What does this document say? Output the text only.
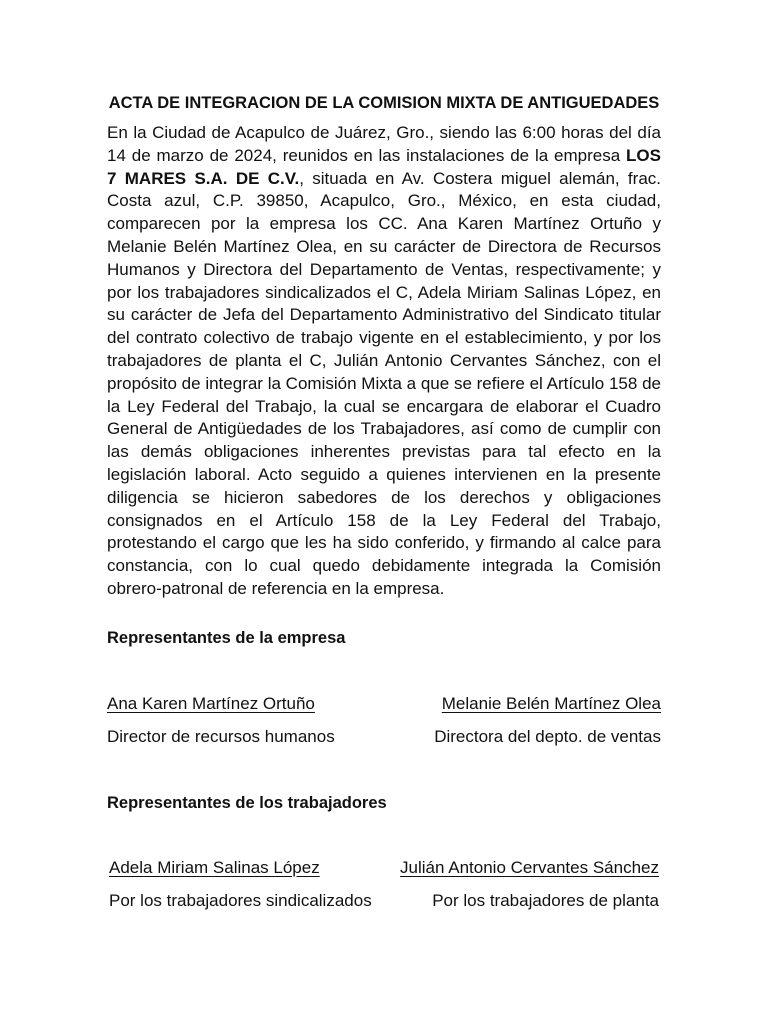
ACTA DE INTEGRACION DE LA COMISION MIXTA DE ANTIGUEDADES

En la Ciudad de Acapulco de Juárez, Gro., siendo las 6:00 horas del día 14 de marzo de 2024, reunidos en las instalaciones de la empresa LOS 7 MARES S.A. DE C.V., situada en Av. Costera miguel alemán, frac. Costa azul, C.P. 39850, Acapulco, Gro., México, en esta ciudad, comparecen por la empresa los CC. Ana Karen Martínez Ortuño y Melanie Belén Martínez Olea, en su carácter de Directora de Recursos Humanos y Directora del Departamento de Ventas, respectivamente; y por los trabajadores sindicalizados el C, Adela Miriam Salinas López, en su carácter de Jefa del Departamento Administrativo del Sindicato titular del contrato colectivo de trabajo vigente en el establecimiento, y por los trabajadores de planta el C, Julián Antonio Cervantes Sánchez, con el propósito de integrar la Comisión Mixta a que se refiere el Artículo 158 de la Ley Federal del Trabajo, la cual se encargara de elaborar el Cuadro General de Antigüedades de los Trabajadores, así como de cumplir con las demás obligaciones inherentes previstas para tal efecto en la legislación laboral. Acto seguido a quienes intervienen en la presente diligencia se hicieron sabedores de los derechos y obligaciones consignados en el Artículo 158 de la Ley Federal del Trabajo, protestando el cargo que les ha sido conferido, y firmando al calce para constancia, con lo cual quedo debidamente integrada la Comisión obrero-patronal de referencia en la empresa.

Representantes de la empresa
Ana Karen Martínez Ortuño	Melanie Belén Martínez Olea
Director de recursos humanos	Directora del depto. de ventas
Representantes de los trabajadores
Adela Miriam Salinas López	Julián Antonio Cervantes Sánchez
Por los trabajadores sindicalizados	Por los trabajadores de planta
